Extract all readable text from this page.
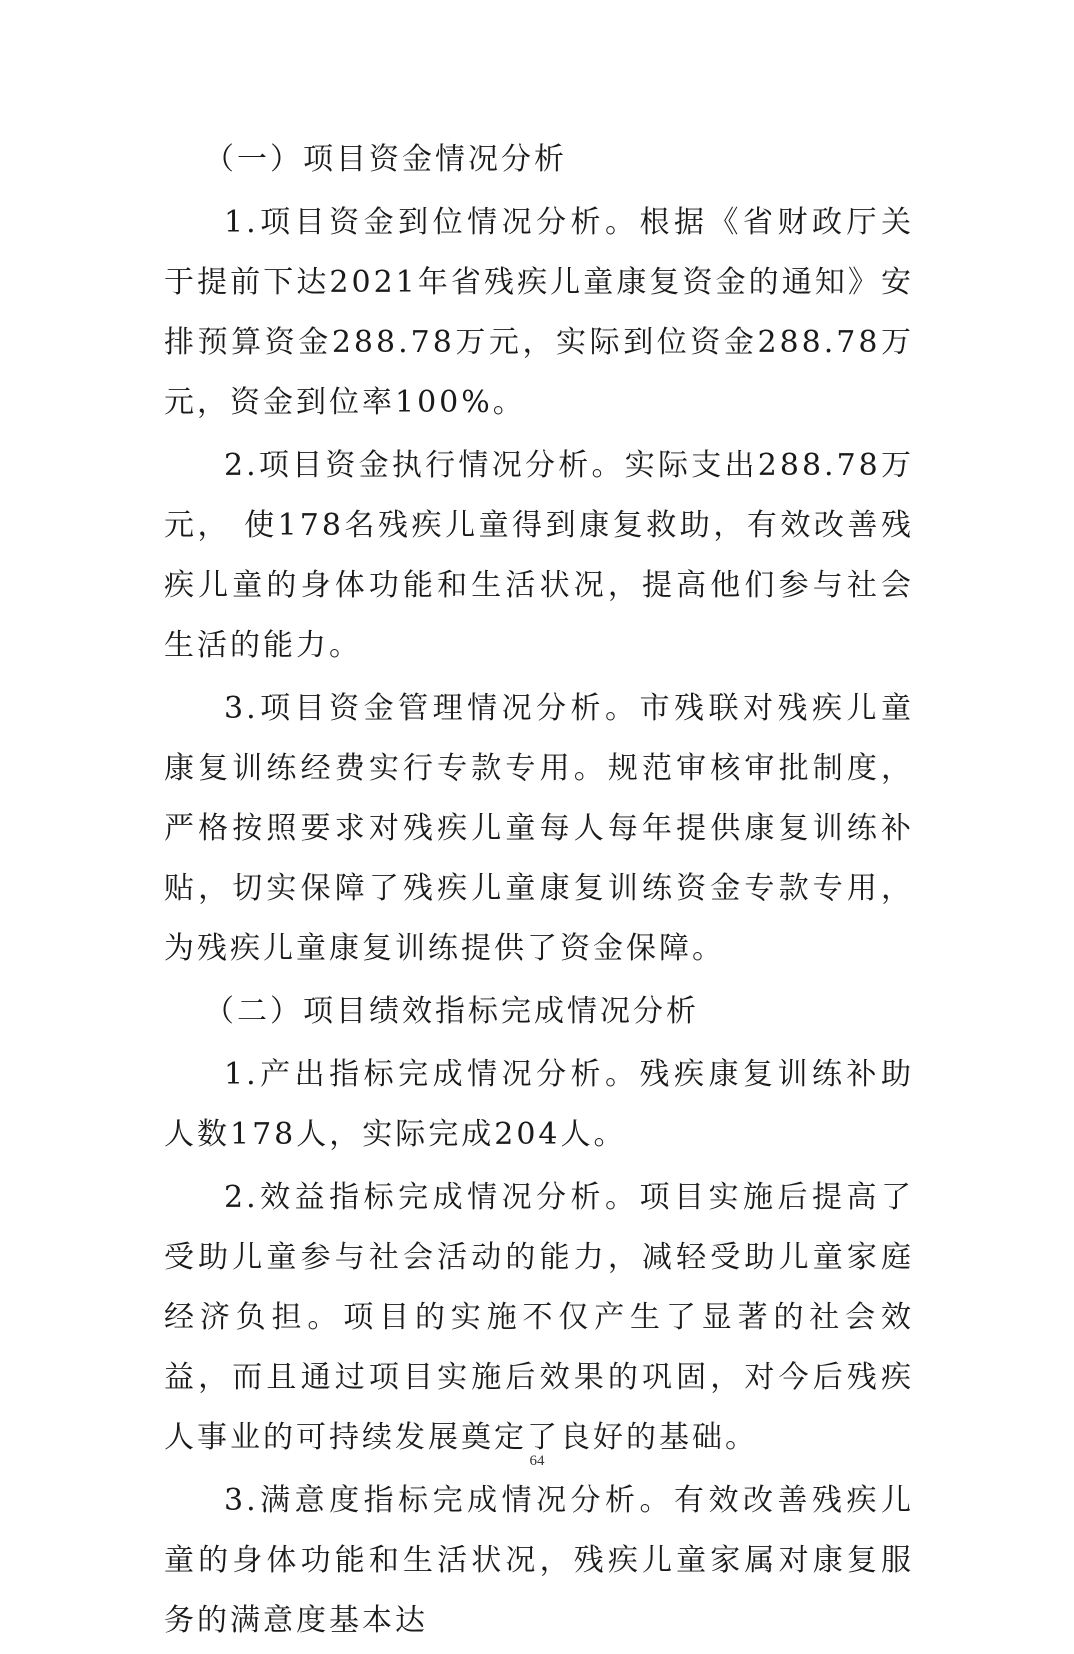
（一）项目资金情况分析

1.项目资金到位情况分析。根据《省财政厅关于提前下达2021年省残疾儿童康复资金的通知》安排预算资金288.78万元，实际到位资金288.78万元，资金到位率100%。

2.项目资金执行情况分析。实际支出288.78万元， 使178名残疾儿童得到康复救助，有效改善残疾儿童的身体功能和生活状况，提高他们参与社会生活的能力。

3.项目资金管理情况分析。市残联对残疾儿童康复训练经费实行专款专用。规范审核审批制度，严格按照要求对残疾儿童每人每年提供康复训练补贴，切实保障了残疾儿童康复训练资金专款专用，为残疾儿童康复训练提供了资金保障。

（二）项目绩效指标完成情况分析

1.产出指标完成情况分析。残疾康复训练补助人数178人，实际完成204人。

2.效益指标完成情况分析。项目实施后提高了受助儿童参与社会活动的能力，减轻受助儿童家庭经济负担。项目的实施不仅产生了显著的社会效益，而且通过项目实施后效果的巩固，对今后残疾人事业的可持续发展奠定了良好的基础。

3.满意度指标完成情况分析。有效改善残疾儿童的身体功能和生活状况，残疾儿童家属对康复服务的满意度基本达

64
